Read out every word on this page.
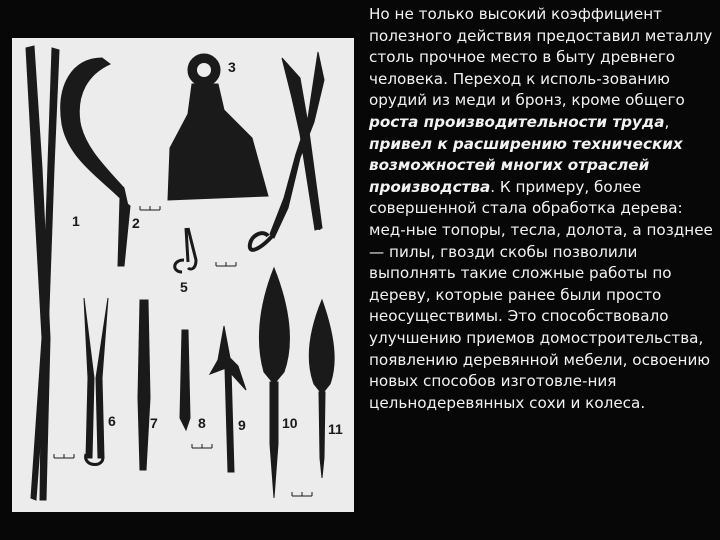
1	2
3
4
5
6 7	8 9	10 11
Но не только высокий коэффициент полезного действия предоставил металлу столь прочное место в быту древнего человека. Переход к исполь-зованию орудий из меди и бронз, кроме общего роста производительности труда, привел к расширению технических возможностей многих отраслей производства. К примеру, более совершенной стала обработка дерева: мед-ные топоры, тесла, долота, а позднее — пилы, гвозди скобы позволили выполнять такие сложные работы по дереву, которые ранее были просто неосуществимы. Это способствовало улучшению приемов домостроительства, появлению деревянной мебели, освоению новых способов изготовле-ния цельнодеревянных сохи и колеса.
